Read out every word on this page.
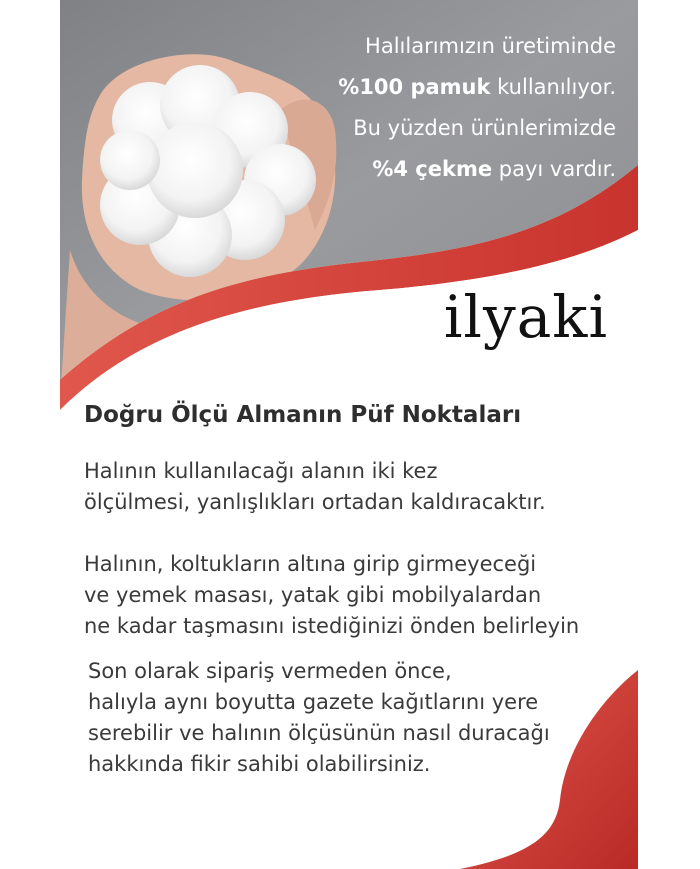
Halılarımızın üretiminde
%100 pamuk kullanılıyor.
Bu yüzden ürünlerimizde
%4 çekme payı vardır.
ilyaki
Doğru Ölçü Almanın Püf Noktaları
Halının kullanılacağı alanın iki kez
ölçülmesi, yanlışlıkları ortadan kaldıracaktır.
Halının, koltukların altına girip girmeyeceği
ve yemek masası, yatak gibi mobilyalardan
ne kadar taşmasını istediğinizi önden belirleyin
Son olarak sipariş vermeden önce,
halıyla aynı boyutta gazete kağıtlarını yere
serebilir ve halının ölçüsünün nasıl duracağı
hakkında fikir sahibi olabilirsiniz.
